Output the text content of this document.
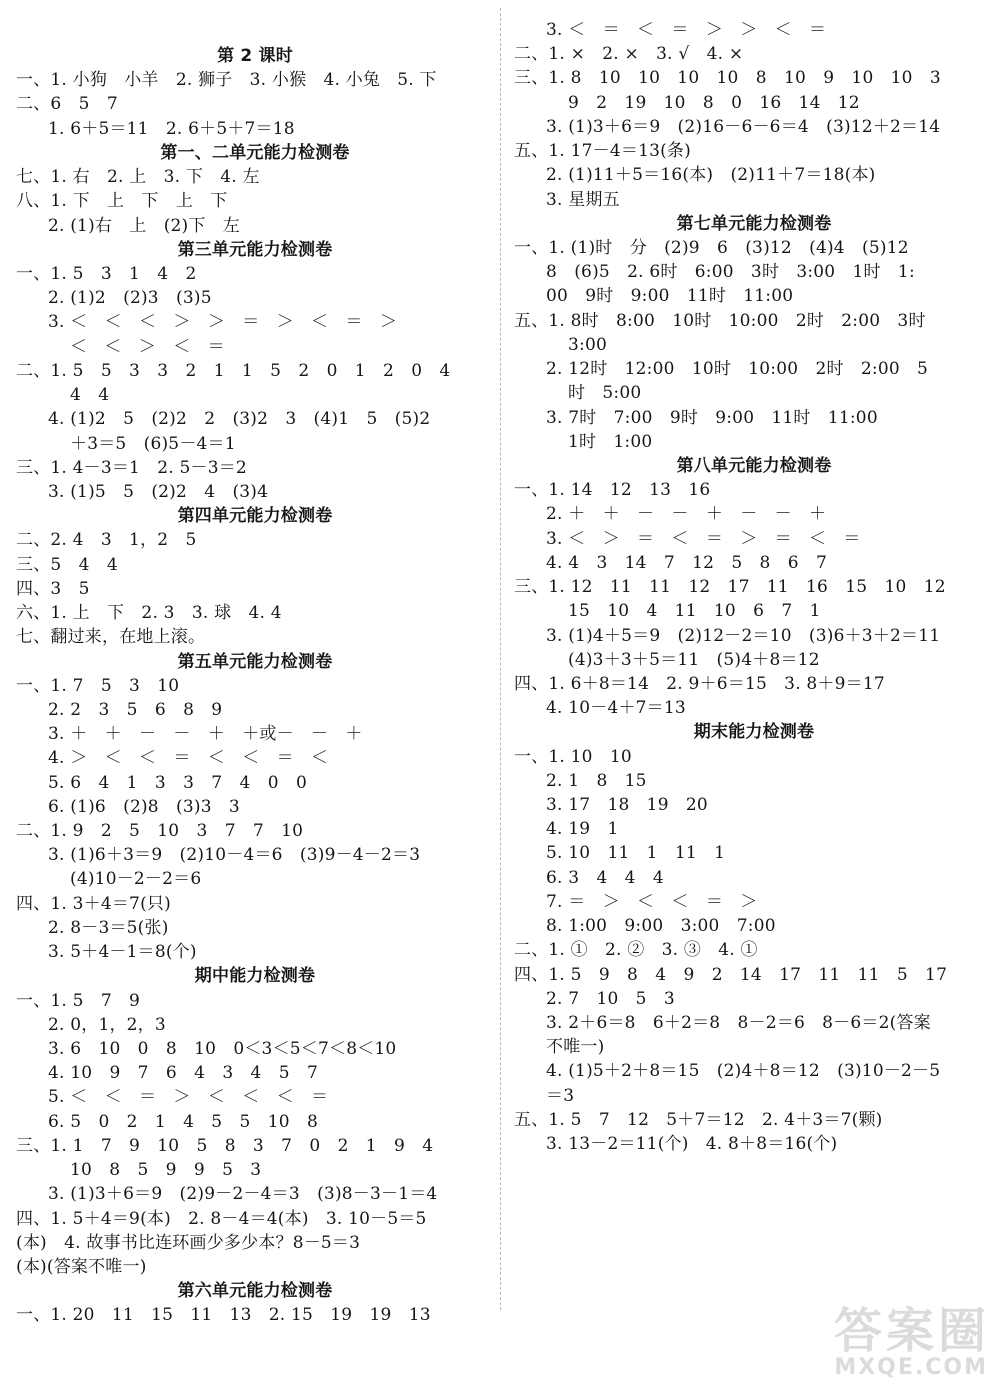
第 2 课时
一、1. 小狗　小羊　2. 狮子　3. 小猴　4. 小兔　5. 下
二、6　5　7
1. 6＋5＝11　2. 6＋5＋7＝18
第一、二单元能力检测卷
七、1. 右　2. 上　3. 下　4. 左
八、1. 下　上　下　上　下
2. (1)右　上　(2)下　左
第三单元能力检测卷
一、1. 5　3　1　4　2
2. (1)2　(2)3　(3)5
3. ＜　＜　＜　＞　＞　＝　＞　＜　＝　＞
＜　＜　＞　＜　＝
二、1. 5　5　3　3　2　1　1　5　2　0　1　2　0　4
4　4
4. (1)2　5　(2)2　2　(3)2　3　(4)1　5　(5)2
＋3＝5　(6)5－4＝1
三、1. 4－3＝1　2. 5－3＝2
3. (1)5　5　(2)2　4　(3)4
第四单元能力检测卷
二、2. 4　3　1，2　5
三、5　4　4
四、3　5
六、1. 上　下　2. 3　3. 球　4. 4
七、翻过来，在地上滚。
第五单元能力检测卷
一、1. 7　5　3　10
2. 2　3　5　6　8　9
3. ＋　＋　－　－　＋　＋或－　－　＋
4. ＞　＜　＜　＝　＜　＜　＝　＜
5. 6　4　1　3　3　7　4　0　0
6. (1)6　(2)8　(3)3　3
二、1. 9　2　5　10　3　7　7　10
3. (1)6＋3＝9　(2)10－4＝6　(3)9－4－2＝3
(4)10－2－2＝6
四、1. 3＋4＝7(只)
2. 8－3＝5(张)
3. 5＋4－1＝8(个)
期中能力检测卷
一、1. 5　7　9
2. 0，1，2，3
3. 6　10　0　8　10　0＜3＜5＜7＜8＜10
4. 10　9　7　6　4　3　4　5　7
5. ＜　＜　＝　＞　＜　＜　＜　＝
6. 5　0　2　1　4　5　5　10　8
三、1. 1　7　9　10　5　8　3　7　0　2　1　9　4
10　8　5　9　9　5　3
3. (1)3＋6＝9　(2)9－2－4＝3　(3)8－3－1＝4
四、1. 5＋4＝9(本)　2. 8－4＝4(本)　3. 10－5＝5
(本)　4. 故事书比连环画少多少本？8－5＝3
(本)(答案不唯一)
第六单元能力检测卷
一、1. 20　11　15　11　13　2. 15　19　19　13
3. ＜　＝　＜　＝　＞　＞　＜　＝
二、1. ×　2. ×　3. √　4. ×
三、1. 8　10　10　10　10　8　10　9　10　10　3
9　2　19　10　8　0　16　14　12
3. (1)3＋6＝9　(2)16－6－6＝4　(3)12＋2＝14
五、1. 17－4＝13(条)
2. (1)11＋5＝16(本)　(2)11＋7＝18(本)
3. 星期五
第七单元能力检测卷
一、1. (1)时　分　(2)9　6　(3)12　(4)4　(5)12
8　(6)5　2. 6时　6:00　3时　3:00　1时　1:
00　9时　9:00　11时　11:00
五、1. 8时　8:00　10时　10:00　2时　2:00　3时
3:00
2. 12时　12:00　10时　10:00　2时　2:00　5
时　5:00
3. 7时　7:00　9时　9:00　11时　11:00
1时　1:00
第八单元能力检测卷
一、1. 14　12　13　16
2. ＋　＋　－　－　＋　－　－　＋
3. ＜　＞　＝　＜　＝　＞　＝　＜　＝
4. 4　3　14　7　12　5　8　6　7
三、1. 12　11　11　12　17　11　16　15　10　12
15　10　4　11　10　6　7　1
3. (1)4＋5＝9　(2)12－2＝10　(3)6＋3＋2＝11
(4)3＋3＋5＝11　(5)4＋8＝12
四、1. 6＋8＝14　2. 9＋6＝15　3. 8＋9＝17
4. 10－4＋7＝13
期末能力检测卷
一、1. 10　10
2. 1　8　15
3. 17　18　19　20
4. 19　1
5. 10　11　1　11　1
6. 3　4　4　4
7. ＝　＞　＜　＜　＝　＞
8. 1:00　9:00　3:00　7:00
二、1. ①　2. ②　3. ③　4. ①
四、1. 5　9　8　4　9　2　14　17　11　11　5　17
2. 7　10　5　3
3. 2＋6＝8　6＋2＝8　8－2＝6　8－6＝2(答案
不唯一)
4. (1)5＋2＋8＝15　(2)4＋8＝12　(3)10－2－5
＝3
五、1. 5　7　12　5＋7＝12　2. 4＋3＝7(颗)
3. 13－2＝11(个)　4. 8＋8＝16(个)
答案圈
MXQE.COM
